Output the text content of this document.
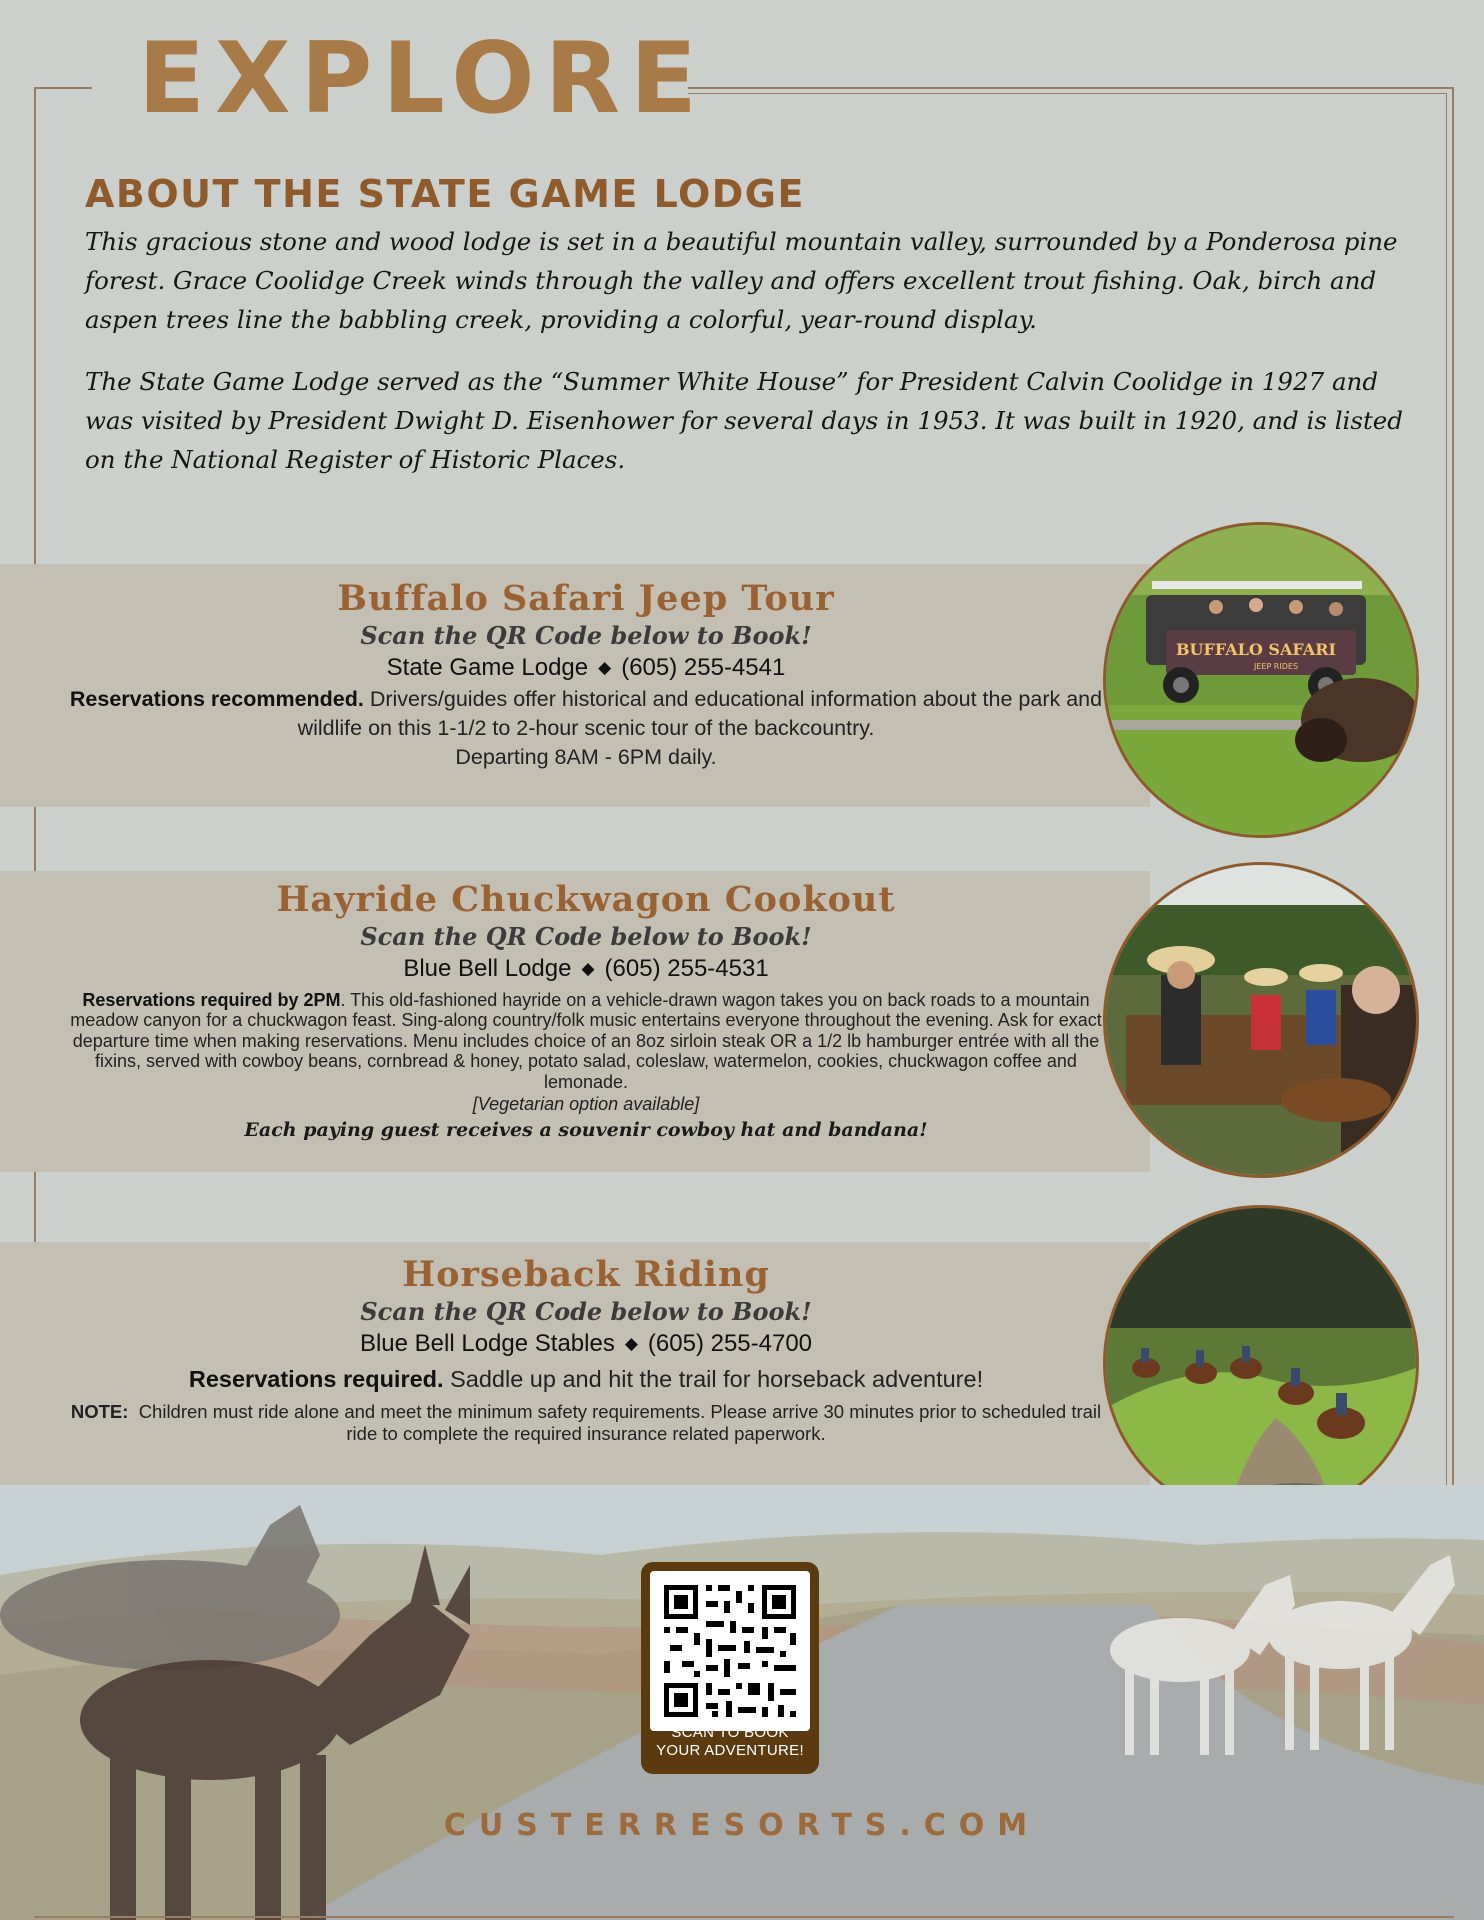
EXPLORE
ABOUT THE STATE GAME LODGE

This gracious stone and wood lodge is set in a beautiful mountain valley, surrounded by a Ponderosa pine forest. Grace Coolidge Creek winds through the valley and offers excellent trout fishing. Oak, birch and aspen trees line the babbling creek, providing a colorful, year-round display.

The State Game Lodge served as the “Summer White House” for President Calvin Coolidge in 1927 and was visited by President Dwight D. Eisenhower for several days in 1953. It was built in 1920, and is listed on the National Register of Historic Places.

Buffalo Safari Jeep Tour

Scan the QR Code below to Book!

State Game Lodge ◆ (605) 255-4541

Reservations recommended. Drivers/guides offer historical and educational information about the park and wildlife on this 1-1/2 to 2-hour scenic tour of the backcountry.
Departing 8AM - 6PM daily.

Hayride Chuckwagon Cookout

Scan the QR Code below to Book!

Blue Bell Lodge ◆ (605) 255-4531

Reservations required by 2PM. This old-fashioned hayride on a vehicle-drawn wagon takes you on back roads to a mountain meadow canyon for a chuckwagon feast. Sing-along country/folk music entertains everyone throughout the evening. Ask for exact departure time when making reservations. Menu includes choice of an 8oz sirloin steak OR a 1/2 lb hamburger entrée with all the fixins, served with cowboy beans, cornbread & honey, potato salad, coleslaw, watermelon, cookies, chuckwagon coffee and lemonade.

[Vegetarian option available]

Each paying guest receives a souvenir cowboy hat and bandana!

Horseback Riding

Scan the QR Code below to Book!

Blue Bell Lodge Stables ◆ (605) 255-4700

Reservations required. Saddle up and hit the trail for horseback adventure!

NOTE: Children must ride alone and meet the minimum safety requirements. Please arrive 30 minutes prior to scheduled trail ride to complete the required insurance related paperwork.

BUFFALO SAFARI
JEEP RIDES
SCAN TO BOOK
YOUR ADVENTURE!

CUSTERRESORTS.COM
